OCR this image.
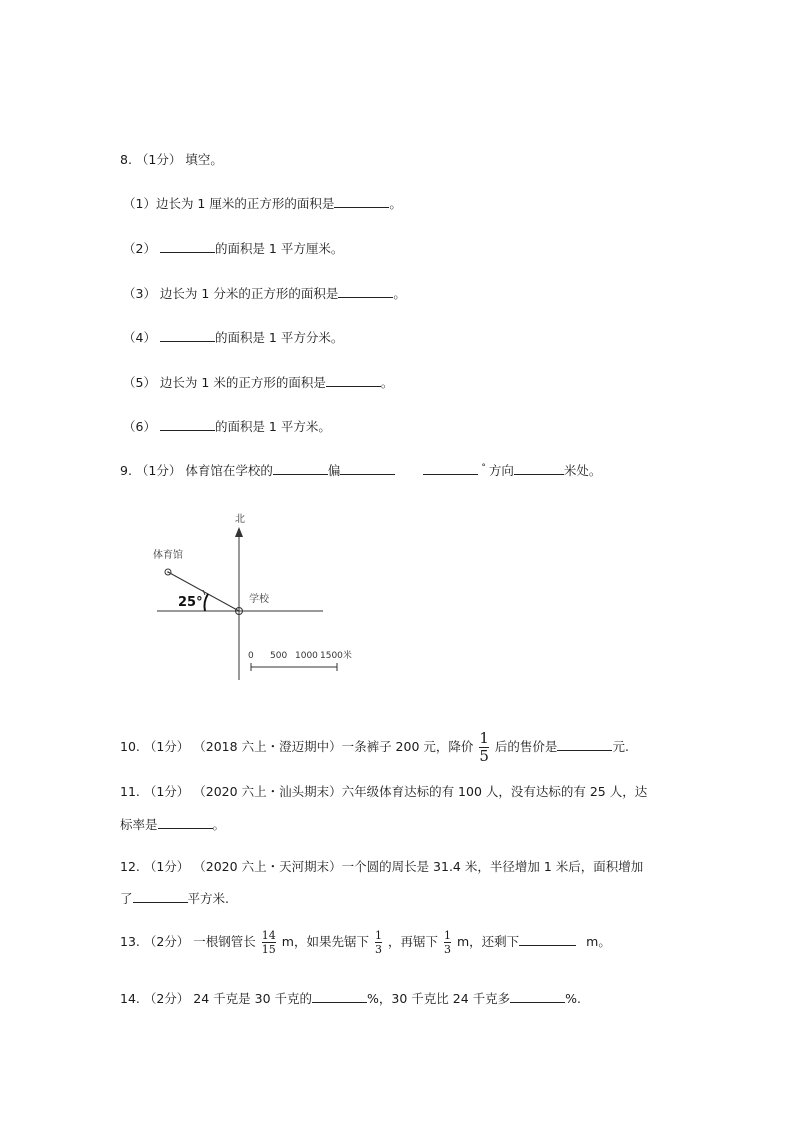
8. （1分） 填空。
（1）边长为 1 厘米的正方形的面积是	。
（2）	的面积是 1 平方厘米。
（3） 边长为 1 分米的正方形的面积是	。
（4）	的面积是 1 平方分米。
（5） 边长为 1 米的正方形的面积是	。
（6）	的面积是 1 平方米。
9. （1分） 体育馆在学校的	偏	° 方向	米处。
北
学校
体育馆
25°
0 500 1000 1500米
10. （1分） （2018 六上・澄迈期中）一条裤子 200 元，降价 $\frac{1}{5}$ 后的售价是	元.
11. （1分） （2020 六上・汕头期末）六年级体育达标的有 100 人，没有达标的有 25 人，达
标率是	。
12. （1分） （2020 六上・天河期末）一个圆的周长是 31.4 米，半径增加 1 米后，面积增加
了	平方米.
13. （2分） 一根钢管长 $\frac{14}{15}$ m，如果先锯下 $\frac{1}{3}$ ，再锯下 $\frac{1}{3}$ m，还剩下	m。
14. （2分） 24 千克是 30 千克的	%，30 千克比 24 千克多	%.
